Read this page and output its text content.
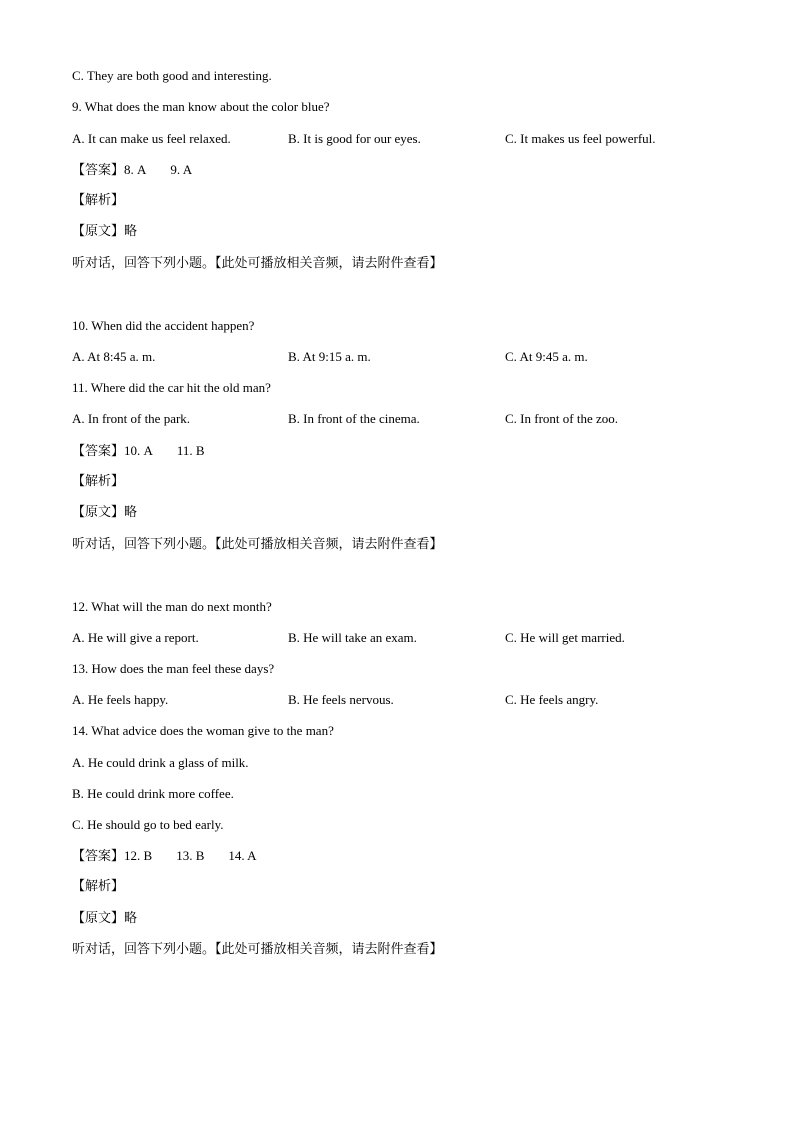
C. They are both good and interesting.
9. What does the man know about the color blue?
A. It can make us feel relaxed.	B. It is good for our eyes.	C. It makes us feel powerful.
【答案】8. A 9. A
【解析】
【原文】略
听对话，回答下列小题。【此处可播放相关音频，请去附件查看】
10. When did the accident happen?
A. At 8:45 a. m.	B. At 9:15 a. m.	C. At 9:45 a. m.
11. Where did the car hit the old man?
A. In front of the park.	B. In front of the cinema.	C. In front of the zoo.
【答案】10. A 11. B
【解析】
【原文】略
听对话，回答下列小题。【此处可播放相关音频，请去附件查看】
12. What will the man do next month?
A. He will give a report.	B. He will take an exam.	C. He will get married.
13. How does the man feel these days?
A. He feels happy.	B. He feels nervous.	C. He feels angry.
14. What advice does the woman give to the man?
A. He could drink a glass of milk.
B. He could drink more coffee.
C. He should go to bed early.
【答案】12. B 13. B 14. A
【解析】
【原文】略
听对话，回答下列小题。【此处可播放相关音频，请去附件查看】
